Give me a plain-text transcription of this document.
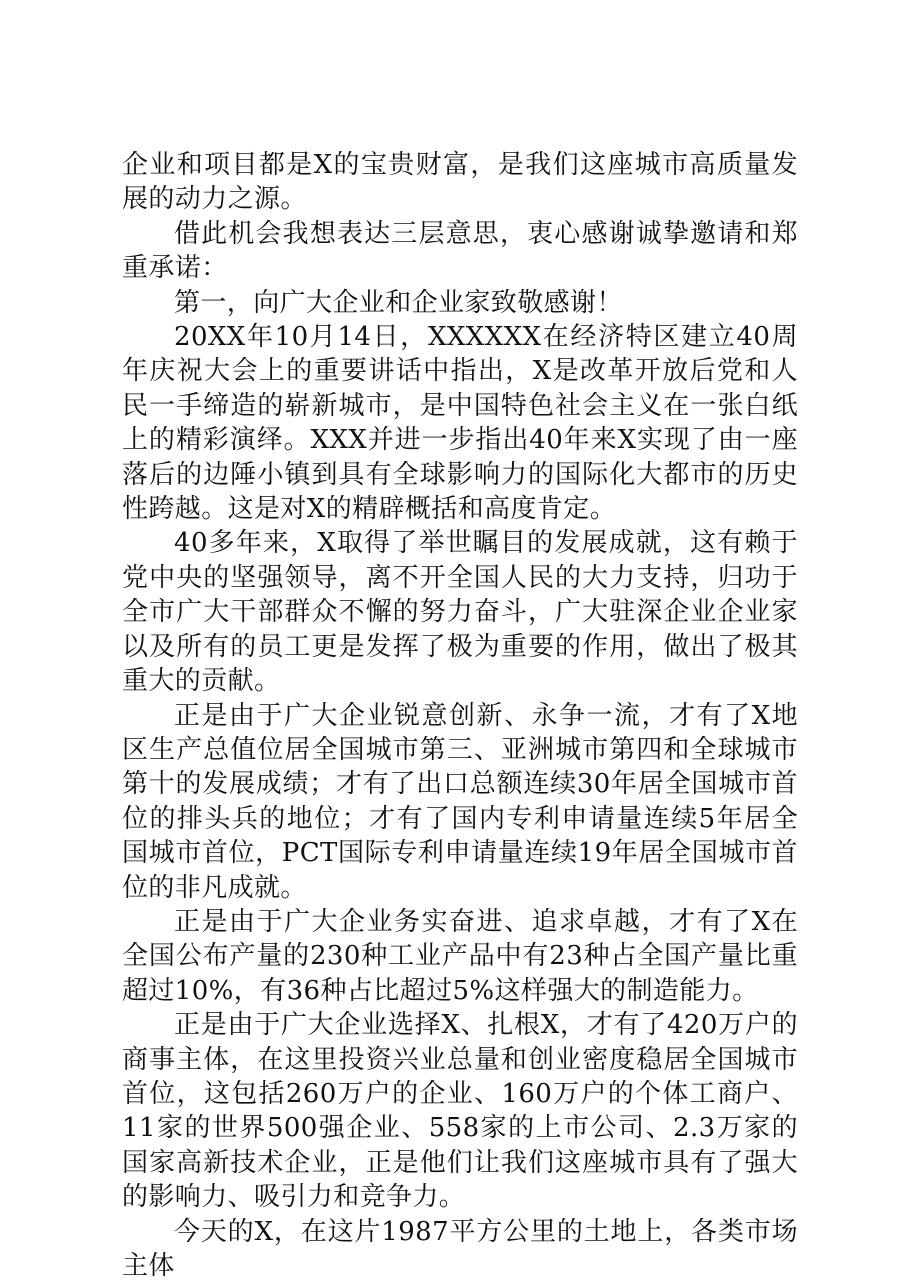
企业和项目都是X的宝贵财富，是我们这座城市高质量发展的动力之源。

借此机会我想表达三层意思，衷心感谢诚挚邀请和郑重承诺：

第一，向广大企业和企业家致敬感谢！

20XX年10月14日，XXXXXX在经济特区建立40周年庆祝大会上的重要讲话中指出，X是改革开放后党和人民一手缔造的崭新城市，是中国特色社会主义在一张白纸上的精彩演绎。XXX并进一步指出40年来X实现了由一座落后的边陲小镇到具有全球影响力的国际化大都市的历史性跨越。这是对X的精辟概括和高度肯定。

40多年来，X取得了举世瞩目的发展成就，这有赖于党中央的坚强领导，离不开全国人民的大力支持，归功于全市广大干部群众不懈的努力奋斗，广大驻深企业企业家以及所有的员工更是发挥了极为重要的作用，做出了极其重大的贡献。

正是由于广大企业锐意创新、永争一流，才有了X地区生产总值位居全国城市第三、亚洲城市第四和全球城市第十的发展成绩；才有了出口总额连续30年居全国城市首位的排头兵的地位；才有了国内专利申请量连续5年居全国城市首位，PCT国际专利申请量连续19年居全国城市首位的非凡成就。

正是由于广大企业务实奋进、追求卓越，才有了X在全国公布产量的230种工业产品中有23种占全国产量比重超过10%，有36种占比超过5%这样强大的制造能力。

正是由于广大企业选择X、扎根X，才有了420万户的商事主体，在这里投资兴业总量和创业密度稳居全国城市首位，这包括260万户的企业、160万户的个体工商户、11家的世界500强企业、558家的上市公司、2.3万家的国家高新技术企业，正是他们让我们这座城市具有了强大的影响力、吸引力和竞争力。

今天的X，在这片1987平方公里的土地上，各类市场主体
